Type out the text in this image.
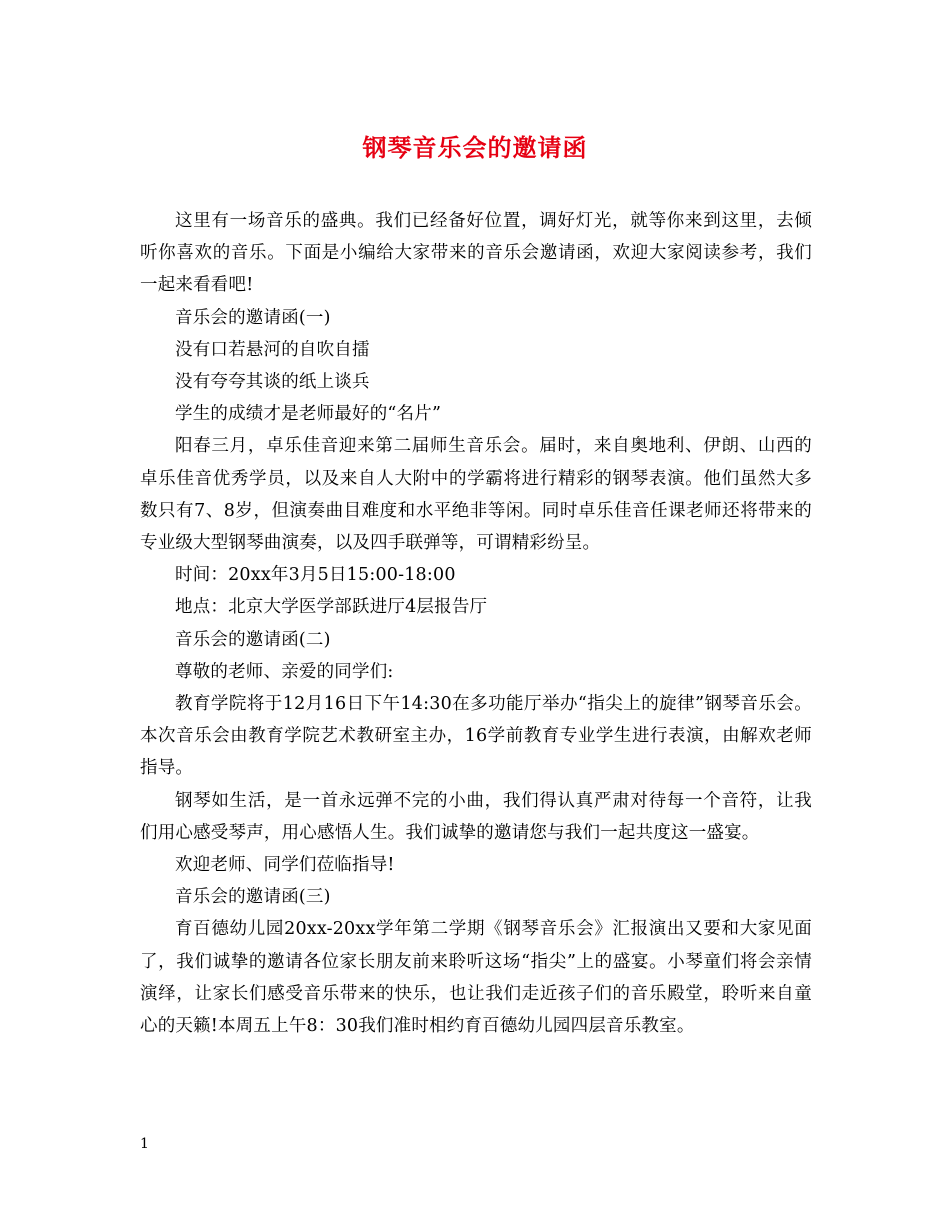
钢琴音乐会的邀请函

这里有一场音乐的盛典。我们已经备好位置，调好灯光，就等你来到这里，去倾听你喜欢的音乐。下面是小编给大家带来的音乐会邀请函，欢迎大家阅读参考，我们一起来看看吧!

音乐会的邀请函(一)

没有口若悬河的自吹自擂

没有夸夸其谈的纸上谈兵

学生的成绩才是老师最好的“名片”

阳春三月，卓乐佳音迎来第二届师生音乐会。届时，来自奥地利、伊朗、山西的卓乐佳音优秀学员，以及来自人大附中的学霸将进行精彩的钢琴表演。他们虽然大多数只有7、8岁，但演奏曲目难度和水平绝非等闲。同时卓乐佳音任课老师还将带来的专业级大型钢琴曲演奏，以及四手联弹等，可谓精彩纷呈。

时间：20xx年3月5日15:00-18:00

地点：北京大学医学部跃进厅4层报告厅

音乐会的邀请函(二)

尊敬的老师、亲爱的同学们:

教育学院将于12月16日下午14:30在多功能厅举办“指尖上的旋律”钢琴音乐会。本次音乐会由教育学院艺术教研室主办，16学前教育专业学生进行表演，由解欢老师指导。

钢琴如生活，是一首永远弹不完的小曲，我们得认真严肃对待每一个音符，让我们用心感受琴声，用心感悟人生。我们诚挚的邀请您与我们一起共度这一盛宴。

欢迎老师、同学们莅临指导!

音乐会的邀请函(三)

育百德幼儿园20xx-20xx学年第二学期《钢琴音乐会》汇报演出又要和大家见面了，我们诚挚的邀请各位家长朋友前来聆听这场“指尖”上的盛宴。小琴童们将会亲情演绎，让家长们感受音乐带来的快乐，也让我们走近孩子们的音乐殿堂，聆听来自童心的天籁!本周五上午8：30我们准时相约育百德幼儿园四层音乐教室。

1
